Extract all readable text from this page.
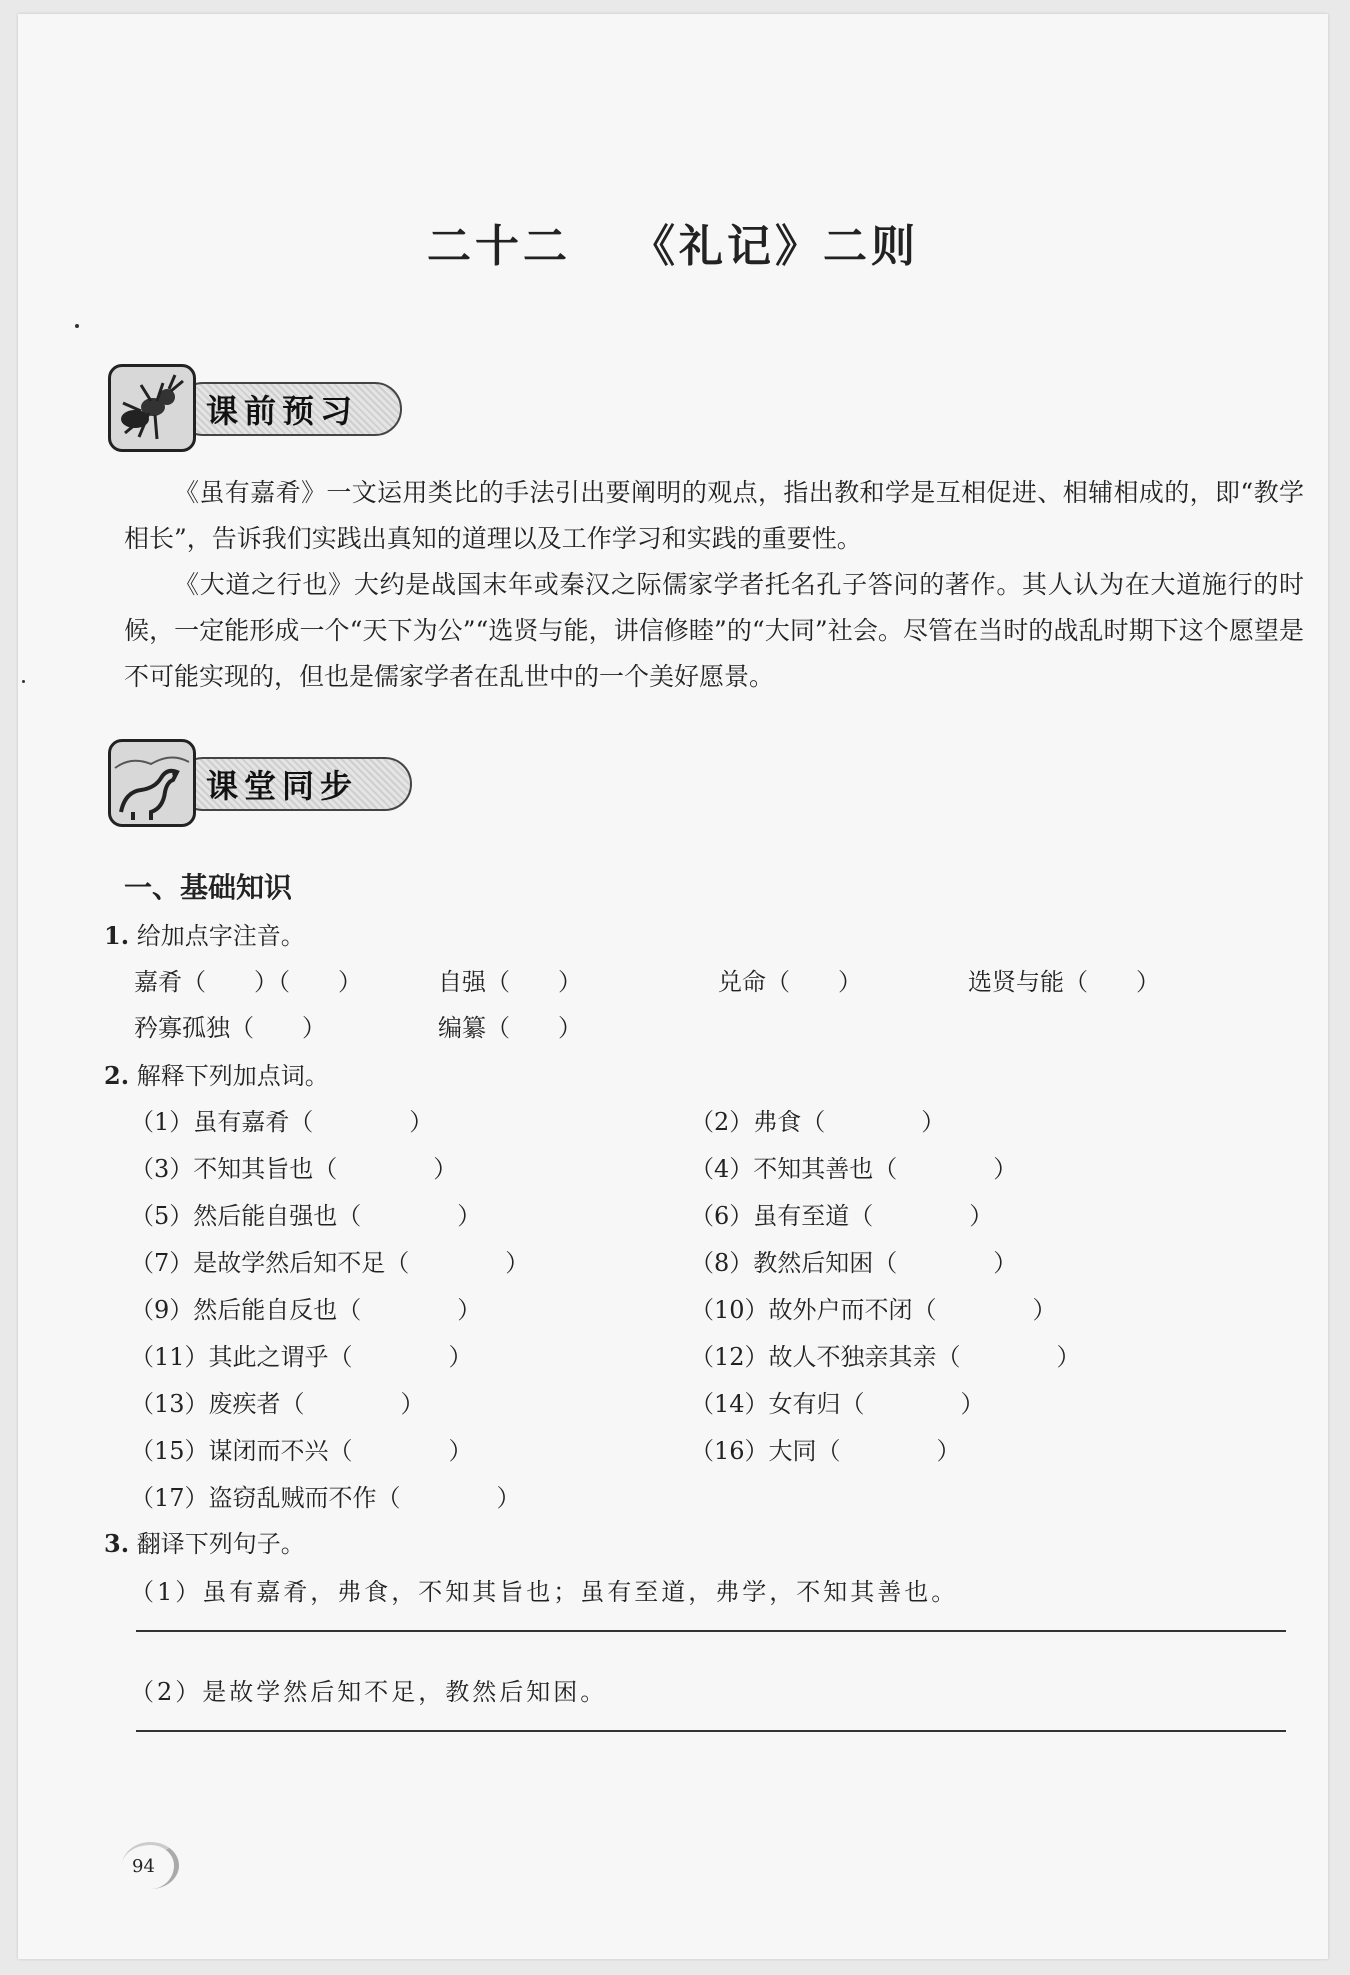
二十二 《礼记》二则
课前预习

《虽有嘉肴》一文运用类比的手法引出要阐明的观点，指出教和学是互相促进、相辅相成的，即“教学相长”，告诉我们实践出真知的道理以及工作学习和实践的重要性。

《大道之行也》大约是战国末年或秦汉之际儒家学者托名孔子答问的著作。其人认为在大道施行的时候，一定能形成一个“天下为公”“选贤与能，讲信修睦”的“大同”社会。尽管在当时的战乱时期下这个愿望是不可能实现的，但也是儒家学者在乱世中的一个美好愿景。

课堂同步
一、基础知识
1. 给加点字注音。
嘉肴（　　）（　　）	自强（　　）	兑命（　　）	选贤与能（　　）
矜寡孤独（　　）	编纂（　　）
2. 解释下列加点词。
（1）虽有嘉肴（　　　　）	（2）弗食（　　　　）
（3）不知其旨也（　　　　）	（4）不知其善也（　　　　）
（5）然后能自强也（　　　　）	（6）虽有至道（　　　　）
（7）是故学然后知不足（　　　　）	（8）教然后知困（　　　　）
（9）然后能自反也（　　　　）	（10）故外户而不闭（　　　　）
（11）其此之谓乎（　　　　）	（12）故人不独亲其亲（　　　　）
（13）废疾者（　　　　）	（14）女有归（　　　　）
（15）谋闭而不兴（　　　　）	（16）大同（　　　　）
（17）盗窃乱贼而不作（　　　　）
3. 翻译下列句子。
（1）虽有嘉肴，弗食，不知其旨也；虽有至道，弗学，不知其善也。
（2）是故学然后知不足，教然后知困。
94
